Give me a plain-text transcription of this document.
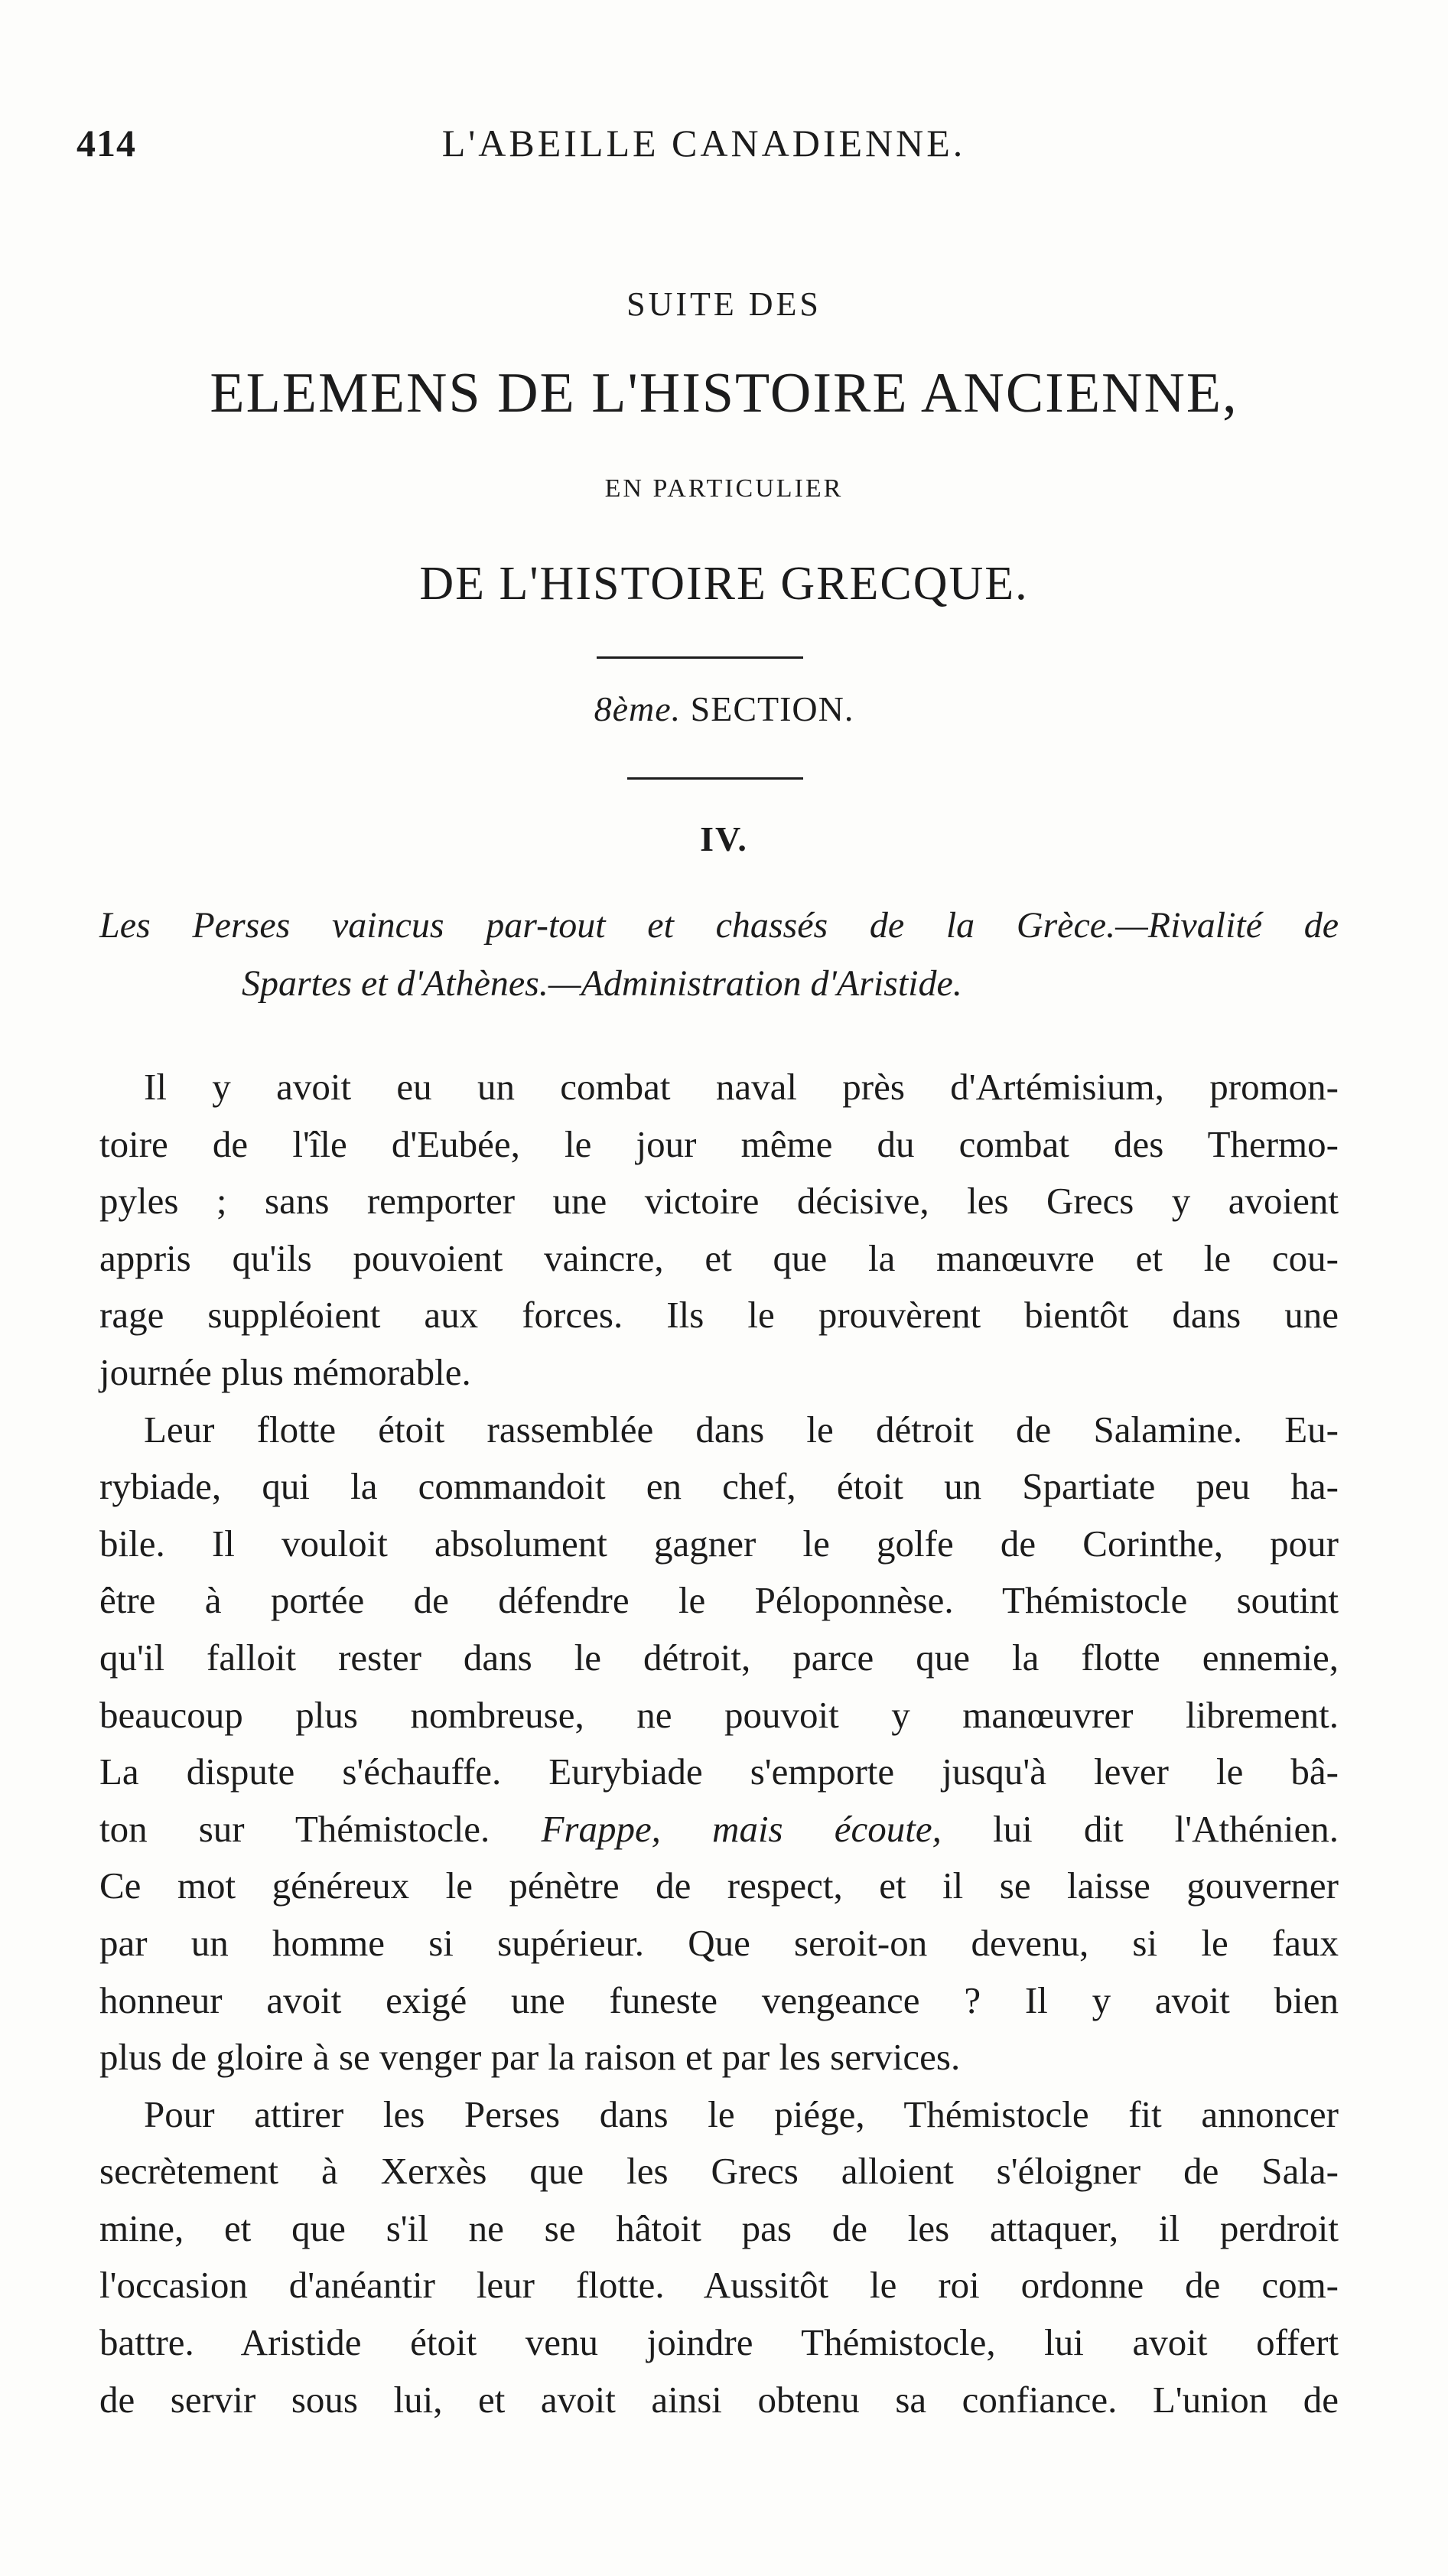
414	L'ABEILLE CANADIENNE.
SUITE DES
ELEMENS DE L'HISTOIRE ANCIENNE,
EN PARTICULIER
DE L'HISTOIRE GRECQUE.
8ème. SECTION.
IV.
Les Perses vaincus par-tout et chassés de la Grèce.—Rivalité de
Spartes et d'Athènes.—Administration d'Aristide.
Il y avoit eu un combat naval près d'Artémisium, promon-
toire de l'île d'Eubée, le jour même du combat des Thermo-
pyles ; sans remporter une victoire décisive, les Grecs y avoient
appris qu'ils pouvoient vaincre, et que la manœuvre et le cou-
rage suppléoient aux forces. Ils le prouvèrent bientôt dans une
journée plus mémorable.
Leur flotte étoit rassemblée dans le détroit de Salamine. Eu-
rybiade, qui la commandoit en chef, étoit un Spartiate peu ha-
bile. Il vouloit absolument gagner le golfe de Corinthe, pour
être à portée de défendre le Péloponnèse. Thémistocle soutint
qu'il falloit rester dans le détroit, parce que la flotte ennemie,
beaucoup plus nombreuse, ne pouvoit y manœuvrer librement.
La dispute s'échauffe. Eurybiade s'emporte jusqu'à lever le bâ-
ton sur Thémistocle. Frappe, mais écoute, lui dit l'Athénien.
Ce mot généreux le pénètre de respect, et il se laisse gouverner
par un homme si supérieur. Que seroit-on devenu, si le faux
honneur avoit exigé une funeste vengeance ? Il y avoit bien
plus de gloire à se venger par la raison et par les services.
Pour attirer les Perses dans le piége, Thémistocle fit annoncer
secrètement à Xerxès que les Grecs alloient s'éloigner de Sala-
mine, et que s'il ne se hâtoit pas de les attaquer, il perdroit
l'occasion d'anéantir leur flotte. Aussitôt le roi ordonne de com-
battre. Aristide étoit venu joindre Thémistocle, lui avoit offert
de servir sous lui, et avoit ainsi obtenu sa confiance. L'union de
